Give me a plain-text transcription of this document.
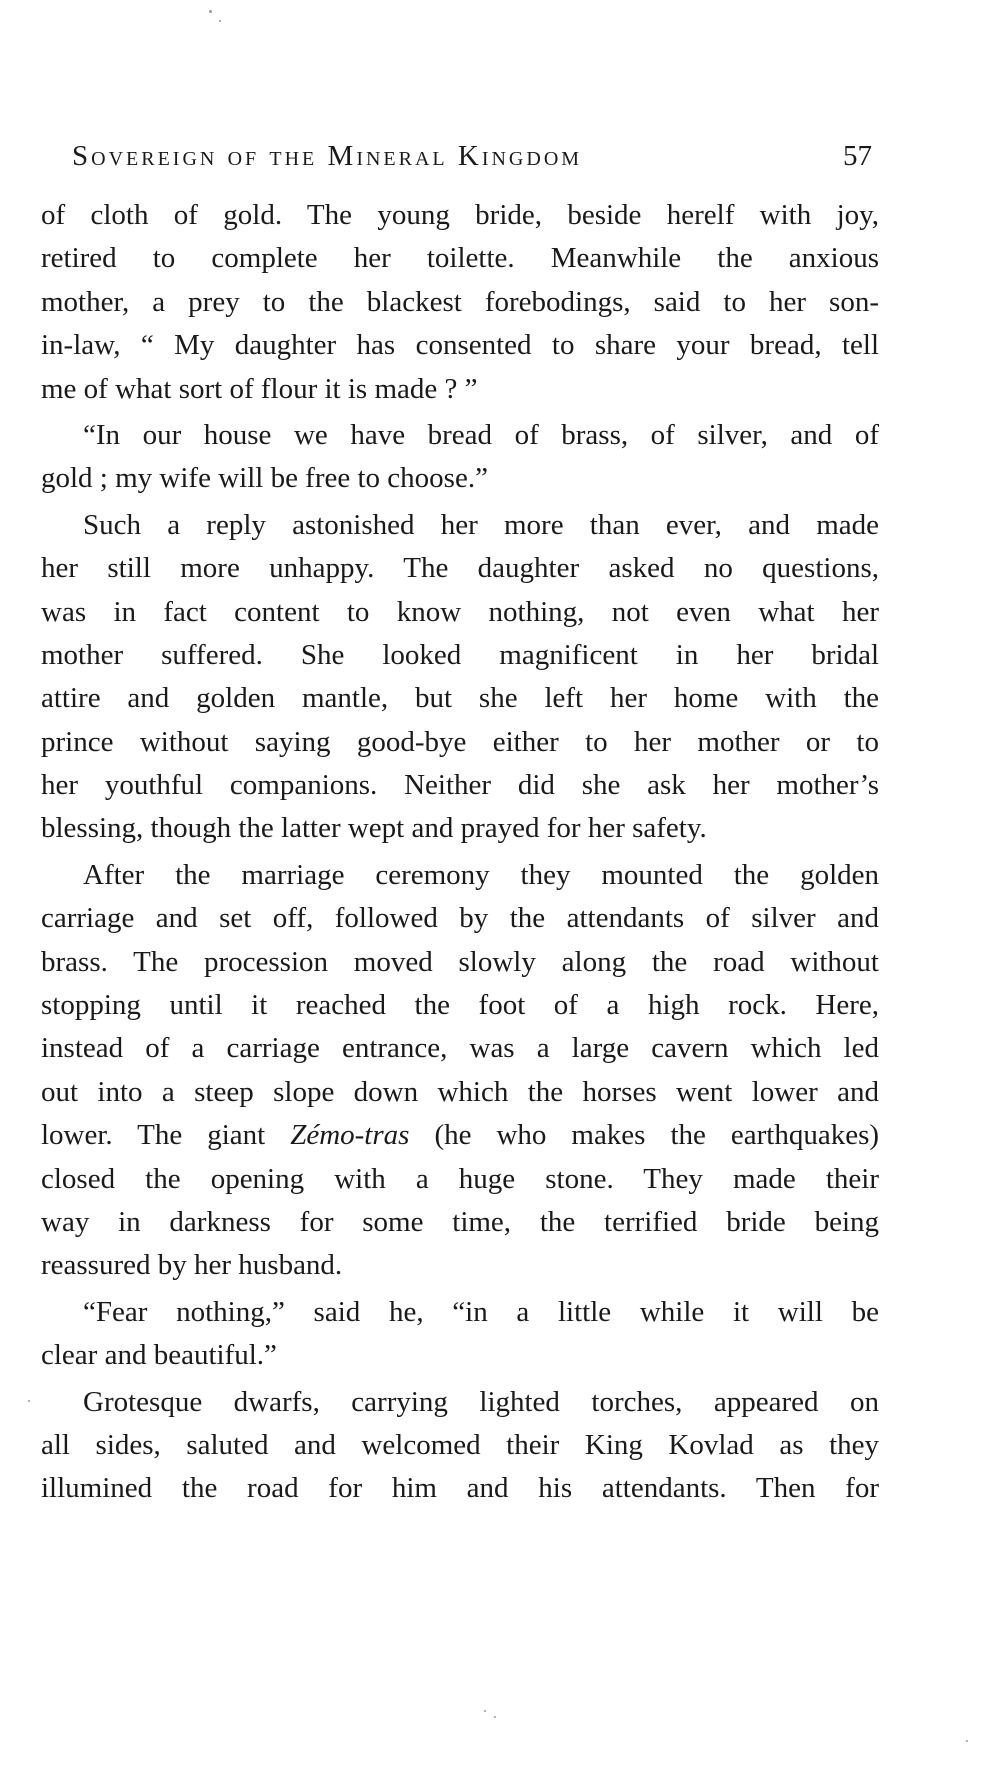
Sovereign of the Mineral Kingdom	57
of cloth of gold. The young bride, beside herelf with joy,
retired to complete her toilette. Meanwhile the anxious
mother, a prey to the blackest forebodings, said to her son-
in-law, “ My daughter has consented to share your bread, tell
me of what sort of flour it is made ? ”
“In our house we have bread of brass, of silver, and of
gold ; my wife will be free to choose.”
Such a reply astonished her more than ever, and made
her still more unhappy. The daughter asked no questions,
was in fact content to know nothing, not even what her
mother suffered. She looked magnificent in her bridal
attire and golden mantle, but she left her home with the
prince without saying good-bye either to her mother or to
her youthful companions. Neither did she ask her mother’s
blessing, though the latter wept and prayed for her safety.
After the marriage ceremony they mounted the golden
carriage and set off, followed by the attendants of silver and
brass. The procession moved slowly along the road without
stopping until it reached the foot of a high rock. Here,
instead of a carriage entrance, was a large cavern which led
out into a steep slope down which the horses went lower and
lower. The giant Zémo-tras (he who makes the earthquakes)
closed the opening with a huge stone. They made their
way in darkness for some time, the terrified bride being
reassured by her husband.
“Fear nothing,” said he, “in a little while it will be
clear and beautiful.”
Grotesque dwarfs, carrying lighted torches, appeared on
all sides, saluted and welcomed their King Kovlad as they
illumined the road for him and his attendants. Then for
